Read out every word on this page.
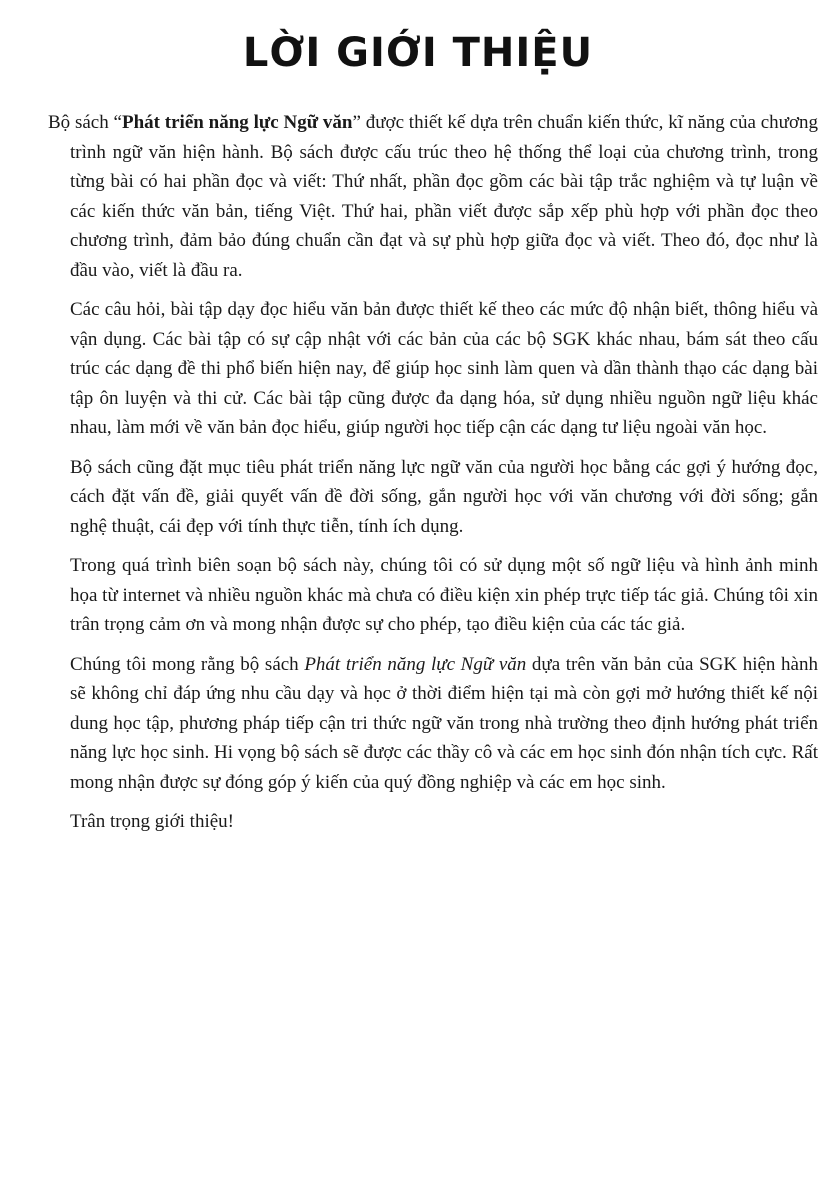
LỜI GIỚI THIỆU

Bộ sách “Phát triển năng lực Ngữ văn” được thiết kế dựa trên chuẩn kiến thức, kĩ năng của chương trình ngữ văn hiện hành. Bộ sách được cấu trúc theo hệ thống thể loại của chương trình, trong từng bài có hai phần đọc và viết: Thứ nhất, phần đọc gồm các bài tập trắc nghiệm và tự luận về các kiến thức văn bản, tiếng Việt. Thứ hai, phần viết được sắp xếp phù hợp với phần đọc theo chương trình, đảm bảo đúng chuẩn cần đạt và sự phù hợp giữa đọc và viết. Theo đó, đọc như là đầu vào, viết là đầu ra.

Các câu hỏi, bài tập dạy đọc hiểu văn bản được thiết kế theo các mức độ nhận biết, thông hiểu và vận dụng. Các bài tập có sự cập nhật với các bản của các bộ SGK khác nhau, bám sát theo cấu trúc các dạng đề thi phổ biến hiện nay, để giúp học sinh làm quen và dần thành thạo các dạng bài tập ôn luyện và thi cử. Các bài tập cũng được đa dạng hóa, sử dụng nhiều nguồn ngữ liệu khác nhau, làm mới về văn bản đọc hiểu, giúp người học tiếp cận các dạng tư liệu ngoài văn học.

Bộ sách cũng đặt mục tiêu phát triển năng lực ngữ văn của người học bằng các gợi ý hướng đọc, cách đặt vấn đề, giải quyết vấn đề đời sống, gắn người học với văn chương với đời sống; gắn nghệ thuật, cái đẹp với tính thực tiễn, tính ích dụng.

Trong quá trình biên soạn bộ sách này, chúng tôi có sử dụng một số ngữ liệu và hình ảnh minh họa từ internet và nhiều nguồn khác mà chưa có điều kiện xin phép trực tiếp tác giả. Chúng tôi xin trân trọng cảm ơn và mong nhận được sự cho phép, tạo điều kiện của các tác giả.

Chúng tôi mong rằng bộ sách Phát triển năng lực Ngữ văn dựa trên văn bản của SGK hiện hành sẽ không chỉ đáp ứng nhu cầu dạy và học ở thời điểm hiện tại mà còn gợi mở hướng thiết kế nội dung học tập, phương pháp tiếp cận tri thức ngữ văn trong nhà trường theo định hướng phát triển năng lực học sinh. Hi vọng bộ sách sẽ được các thầy cô và các em học sinh đón nhận tích cực. Rất mong nhận được sự đóng góp ý kiến của quý đồng nghiệp và các em học sinh.

Trân trọng giới thiệu!
